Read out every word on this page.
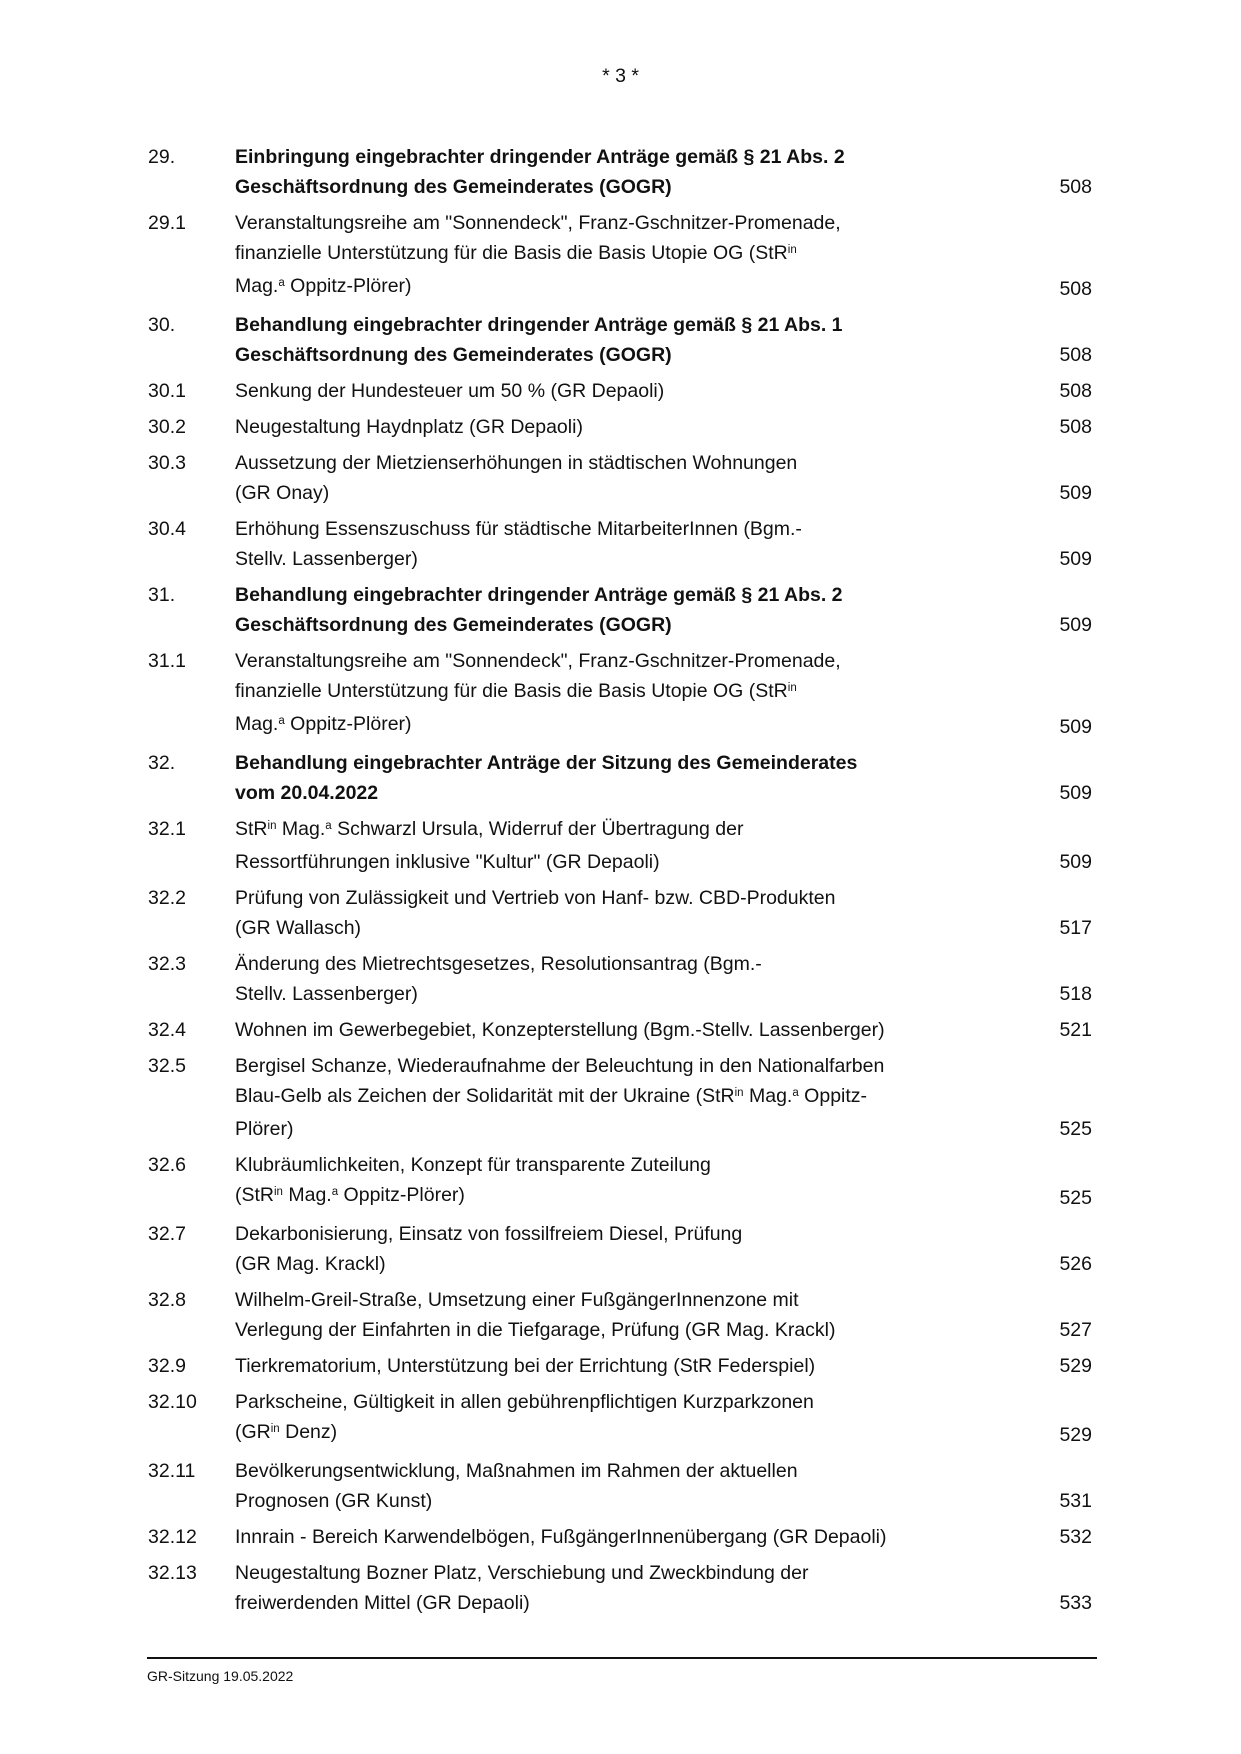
* 3 *
29.	Einbringung eingebrachter dringender Anträge gemäß § 21 Abs. 2
Geschäftsordnung des Gemeinderates (GOGR)	508
29.1	Veranstaltungsreihe am "Sonnendeck", Franz-Gschnitzer-Promenade,
finanzielle Unterstützung für die Basis die Basis Utopie OG (StR$^{in}$
Mag.$^a$ Oppitz-Plörer)	508
30.	Behandlung eingebrachter dringender Anträge gemäß § 21 Abs. 1
Geschäftsordnung des Gemeinderates (GOGR)	508
30.1	Senkung der Hundesteuer um 50 % (GR Depaoli)	508
30.2	Neugestaltung Haydnplatz (GR Depaoli)	508
30.3	Aussetzung der Mietzienserhöhungen in städtischen Wohnungen
(GR Onay)	509
30.4	Erhöhung Essenszuschuss für städtische MitarbeiterInnen (Bgm.-
Stellv. Lassenberger)	509
31.	Behandlung eingebrachter dringender Anträge gemäß § 21 Abs. 2
Geschäftsordnung des Gemeinderates (GOGR)	509
31.1	Veranstaltungsreihe am "Sonnendeck", Franz-Gschnitzer-Promenade,
finanzielle Unterstützung für die Basis die Basis Utopie OG (StR$^{in}$
Mag.$^a$ Oppitz-Plörer)	509
32.	Behandlung eingebrachter Anträge der Sitzung des Gemeinderates
vom 20.04.2022	509
32.1	StR$^{in}$ Mag.$^a$ Schwarzl Ursula, Widerruf der Übertragung der
Ressortführungen inklusive "Kultur" (GR Depaoli)	509
32.2	Prüfung von Zulässigkeit und Vertrieb von Hanf- bzw. CBD-Produkten
(GR Wallasch)	517
32.3	Änderung des Mietrechtsgesetzes, Resolutionsantrag (Bgm.-
Stellv. Lassenberger)	518
32.4	Wohnen im Gewerbegebiet, Konzepterstellung (Bgm.-Stellv. Lassenberger)	521
32.5	Bergisel Schanze, Wiederaufnahme der Beleuchtung in den Nationalfarben
Blau-Gelb als Zeichen der Solidarität mit der Ukraine (StR$^{in}$ Mag.$^a$ Oppitz-
Plörer)	525
32.6	Klubräumlichkeiten, Konzept für transparente Zuteilung
(StR$^{in}$ Mag.$^a$ Oppitz-Plörer)	525
32.7	Dekarbonisierung, Einsatz von fossilfreiem Diesel, Prüfung
(GR Mag. Krackl)	526
32.8	Wilhelm-Greil-Straße, Umsetzung einer FußgängerInnenzone mit
Verlegung der Einfahrten in die Tiefgarage, Prüfung (GR Mag. Krackl)	527
32.9	Tierkrematorium, Unterstützung bei der Errichtung (StR Federspiel)	529
32.10	Parkscheine, Gültigkeit in allen gebührenpflichtigen Kurzparkzonen
($GR^{in}$ Denz)	529
32.11	Bevölkerungsentwicklung, Maßnahmen im Rahmen der aktuellen
Prognosen (GR Kunst)	531
32.12	Innrain - Bereich Karwendelbögen, FußgängerInnenübergang (GR Depaoli)	532
32.13	Neugestaltung Bozner Platz, Verschiebung und Zweckbindung der
freiwerdenden Mittel (GR Depaoli)	533
GR-Sitzung 19.05.2022
